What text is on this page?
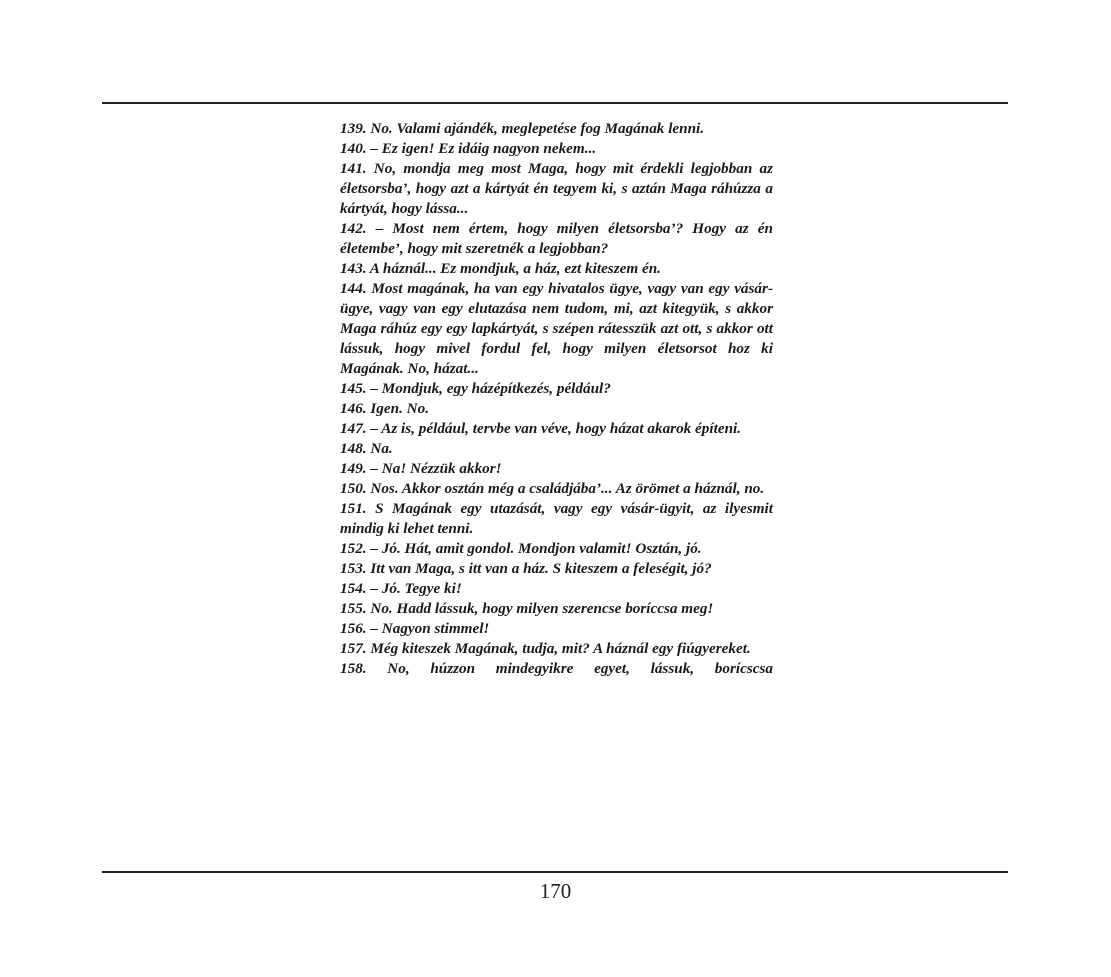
139. No. Valami ajándék, meglepetése fog Magának lenni.

140. – Ez igen! Ez idáig nagyon nekem...

141. No, mondja meg most Maga, hogy mit érdekli legjobban az életsorsba’, hogy azt a kártyát én tegyem ki, s aztán Maga ráhúzza a kártyát, hogy lássa...

142. – Most nem értem, hogy milyen életsorsba’? Hogy az én életembe’, hogy mit szeretnék a legjobban?

143. A háznál... Ez mondjuk, a ház, ezt kiteszem én.

144. Most magának, ha van egy hivatalos ügye, vagy van egy vásár-ügye, vagy van egy elutazása nem tudom, mi, azt kitegyük, s akkor Maga ráhúz egy egy lapkártyát, s szépen rátesszük azt ott, s akkor ott lássuk, hogy mivel fordul fel, hogy milyen életsorsot hoz ki Magának. No, házat...

145. – Mondjuk, egy házépítkezés, például?

146. Igen. No.

147. – Az is, például, tervbe van véve, hogy házat akarok építeni.

148. Na.

149. – Na! Nézzük akkor!

150. Nos. Akkor osztán még a családjába’... Az örömet a háznál, no.

151. S Magának egy utazását, vagy egy vásár-ügyit, az ilyesmit mindig ki lehet tenni.

152. – Jó. Hát, amit gondol. Mondjon valamit! Osztán, jó.

153. Itt van Maga, s itt van a ház. S kiteszem a feleségit, jó?

154. – Jó. Tegye ki!

155. No. Hadd lássuk, hogy milyen szerencse boríccsa meg!

156. – Nagyon stimmel!

157. Még kiteszek Magának, tudja, mit? A háznál egy fiúgyereket.

158. No, húzzon mindegyikre egyet, lássuk, borícscsa

170
